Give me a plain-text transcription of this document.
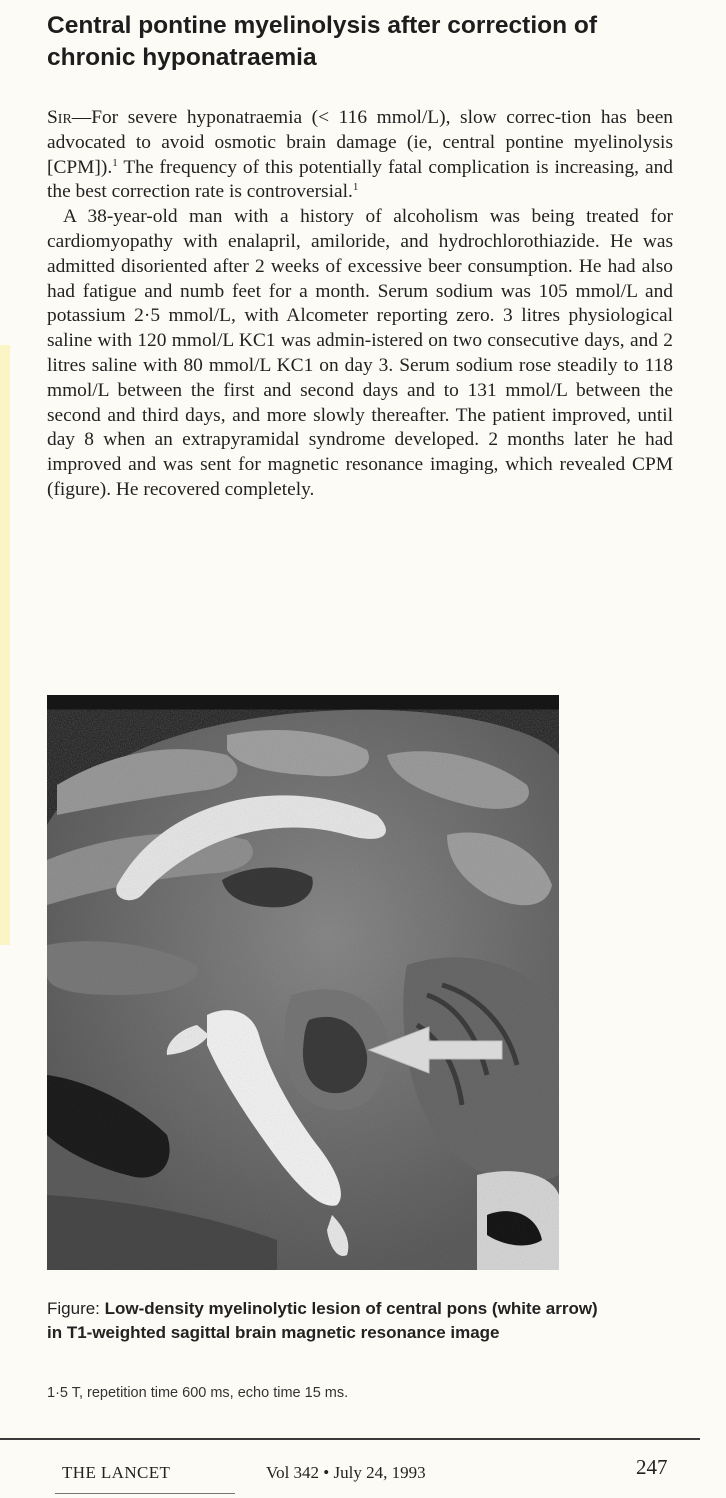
Central pontine myelinolysis after correction of chronic hyponatraemia

Sir—For severe hyponatraemia (< 116 mmol/L), slow correc-tion has been advocated to avoid osmotic brain damage (ie, central pontine myelinolysis [CPM]).$^1$ The frequency of this potentially fatal complication is increasing, and the best correction rate is controversial.$^1$

A 38-year-old man with a history of alcoholism was being treated for cardiomyopathy with enalapril, amiloride, and hydrochlorothiazide. He was admitted disoriented after 2 weeks of excessive beer consumption. He had also had fatigue and numb feet for a month. Serum sodium was 105 mmol/L and potassium 2·5 mmol/L, with Alcometer reporting zero. 3 litres physiological saline with 120 mmol/L KC1 was admin-istered on two consecutive days, and 2 litres saline with 80 mmol/L KC1 on day 3. Serum sodium rose steadily to 118 mmol/L between the first and second days and to 131 mmol/L between the second and third days, and more slowly thereafter. The patient improved, until day 8 when an extrapyramidal syndrome developed. 2 months later he had improved and was sent for magnetic resonance imaging, which revealed CPM (figure). He recovered completely.

Figure: Low-density myelinolytic lesion of central pons (white arrow) in T1-weighted sagittal brain magnetic resonance image
1·5 T, repetition time 600 ms, echo time 15 ms.
THE LANCET	Vol 342 • July 24, 1993	247
